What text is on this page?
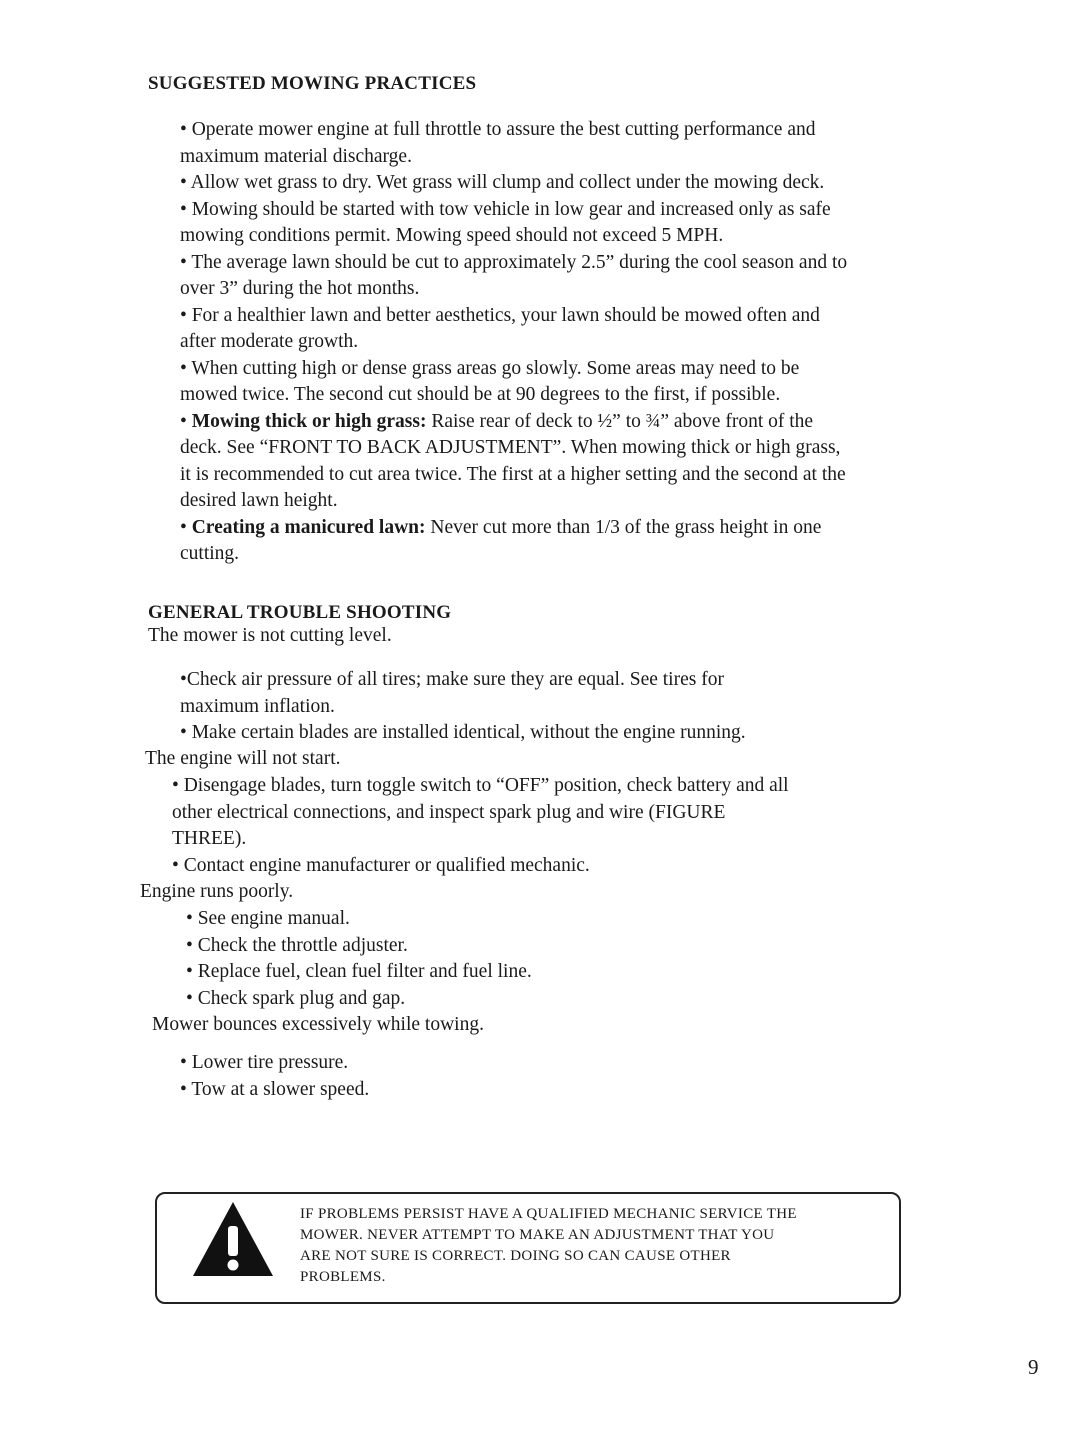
SUGGESTED MOWING PRACTICES
• Operate mower engine at full throttle to assure the best cutting performance and
maximum material discharge.
• Allow wet grass to dry. Wet grass will clump and collect under the mowing deck.
• Mowing should be started with tow vehicle in low gear and increased only as safe
mowing conditions permit. Mowing speed should not exceed 5 MPH.
• The average lawn should be cut to approximately 2.5” during the cool season and to
over 3” during the hot months.
• For a healthier lawn and better aesthetics, your lawn should be mowed often and
after moderate growth.
• When cutting high or dense grass areas go slowly. Some areas may need to be
mowed twice. The second cut should be at 90 degrees to the first, if possible.
• Mowing thick or high grass: Raise rear of deck to ½” to ¾” above front of the
deck. See “FRONT TO BACK ADJUSTMENT”. When mowing thick or high grass,
it is recommended to cut area twice. The first at a higher setting and the second at the
desired lawn height.
• Creating a manicured lawn: Never cut more than 1/3 of the grass height in one
cutting.
GENERAL TROUBLE SHOOTING
The mower is not cutting level.
•Check air pressure of all tires; make sure they are equal. See tires for
maximum inflation.
• Make certain blades are installed identical, without the engine running.
The engine will not start.
• Disengage blades, turn toggle switch to “OFF” position, check battery and all
other electrical connections, and inspect spark plug and wire (FIGURE
THREE).
• Contact engine manufacturer or qualified mechanic.
Engine runs poorly.
• See engine manual.
• Check the throttle adjuster.
• Replace fuel, clean fuel filter and fuel line.
• Check spark plug and gap.
Mower bounces excessively while towing.
• Lower tire pressure.
• Tow at a slower speed.
IF PROBLEMS PERSIST HAVE A QUALIFIED MECHANIC SERVICE THE
MOWER. NEVER ATTEMPT TO MAKE AN ADJUSTMENT THAT YOU
ARE NOT SURE IS CORRECT. DOING SO CAN CAUSE OTHER
PROBLEMS.
9
